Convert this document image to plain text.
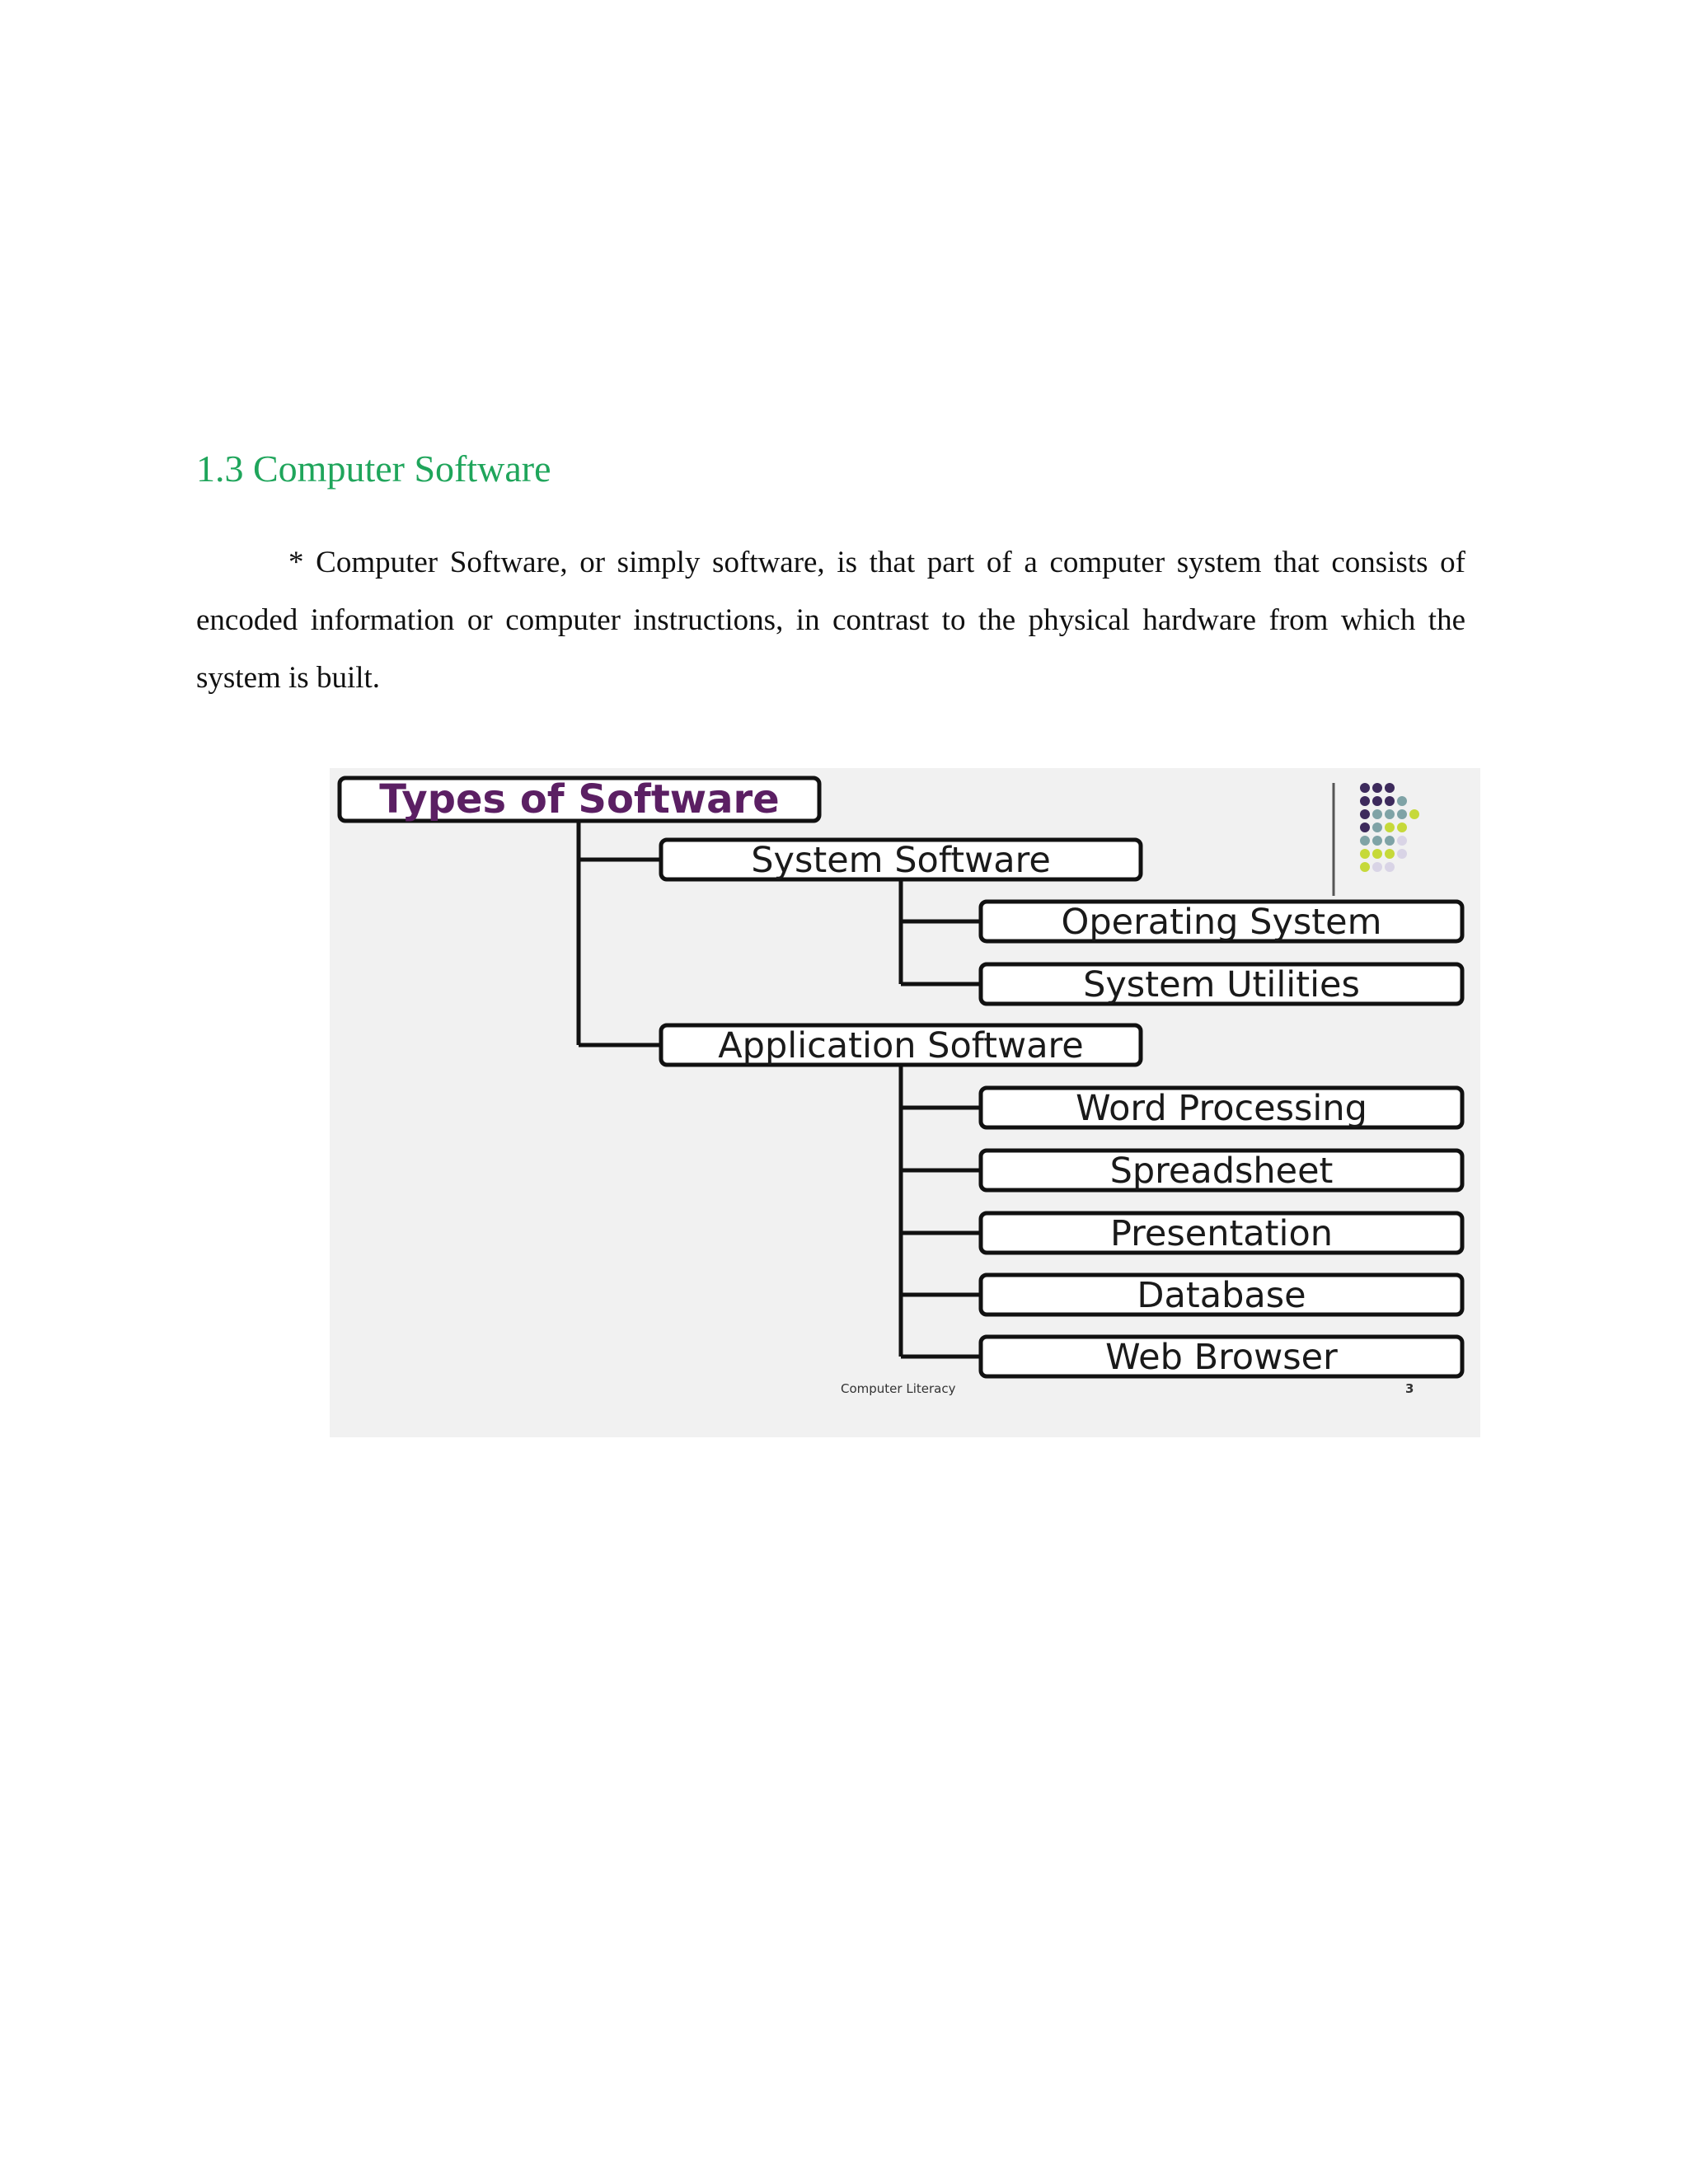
1.3 Computer Software

* Computer Software, or simply software, is that part of a computer system that consists of encoded information or computer instructions, in contrast to the physical hardware from which the system is built.

Types of Software
System Software
Operating System
System Utilities
Application Software
Word Processing
Spreadsheet
Presentation
Database
Web Browser
Computer Literacy	3
